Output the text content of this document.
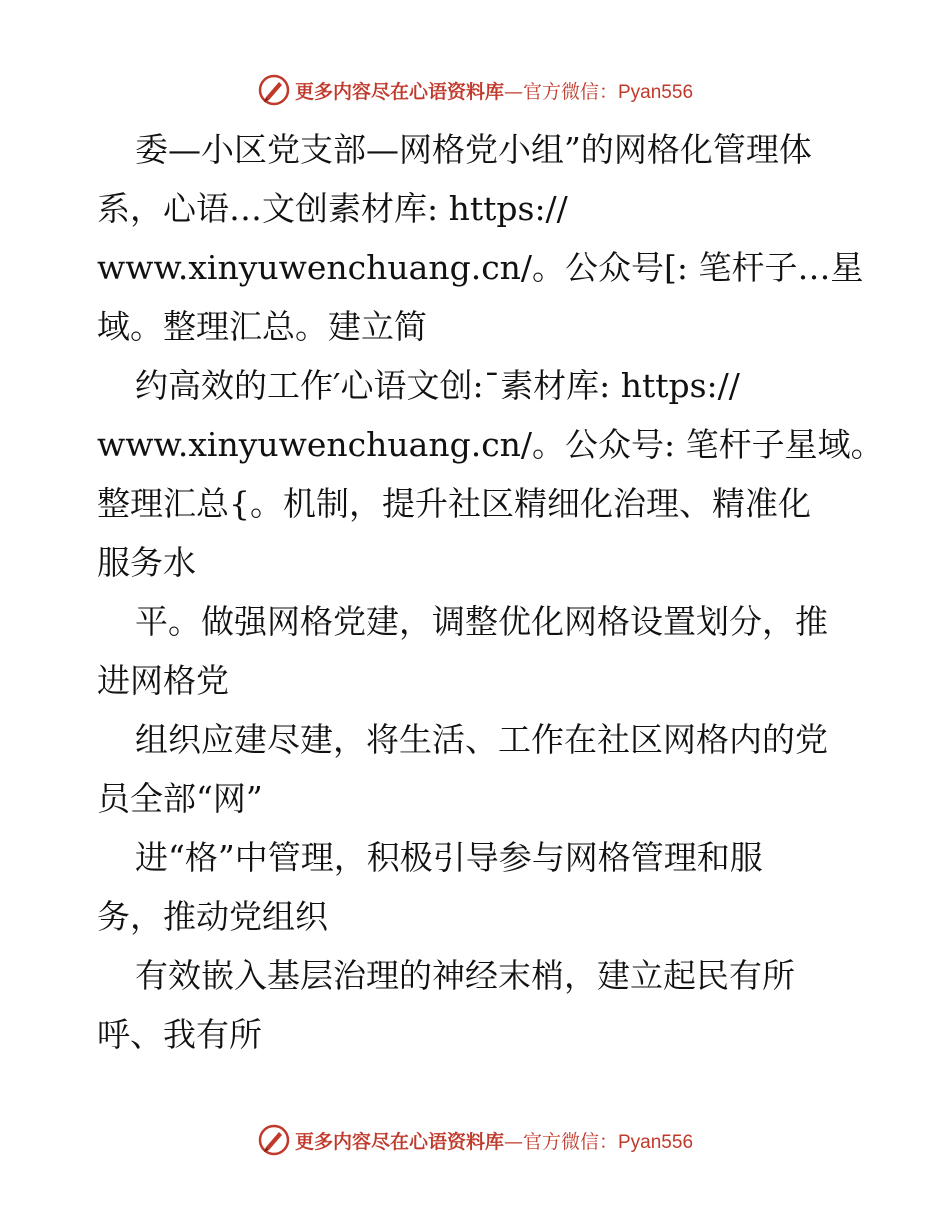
更多内容尽在心语资料库—官方微信：Pyan556
委—小区党支部—网格党小组”的网格化管理体
系，心语…文创素材库: https://
www.xinyuwenchuang.cn/。公众号[: 笔杆子…星
域。整理汇总。建立简
约高效的工作′心语文创:¯素材库: https://
www.xinyuwenchuang.cn/。公众号: 笔杆子星域。
整理汇总{。机制，提升社区精细化治理、精准化
服务水
平。做强网格党建，调整优化网格设置划分，推
进网格党
组织应建尽建，将生活、工作在社区网格内的党
员全部“网”
进“格”中管理，积极引导参与网格管理和服
务，推动党组织
有效嵌入基层治理的神经末梢，建立起民有所
呼、我有所
更多内容尽在心语资料库—官方微信：Pyan556
